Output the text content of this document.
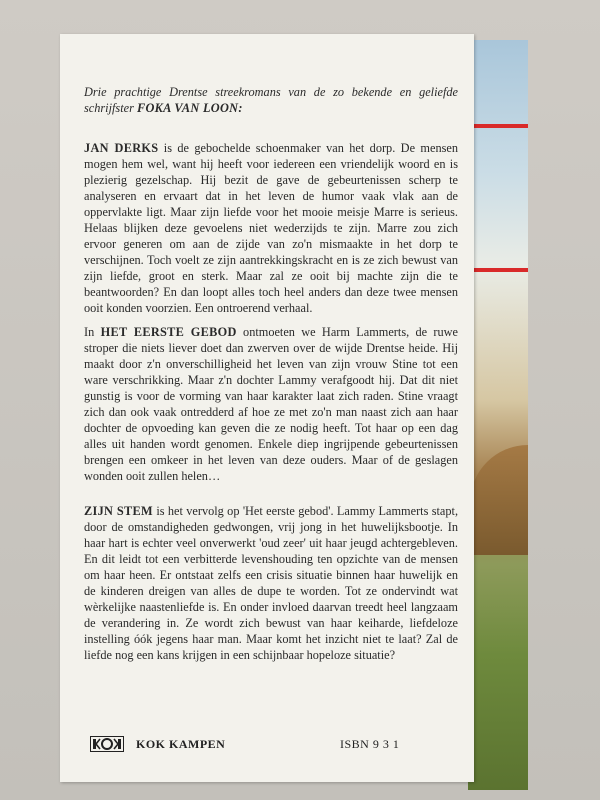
Drie prachtige Drentse streekromans van de zo bekende en geliefde schrijfster FOKA VAN LOON:
JAN DERKS is de gebochelde schoenmaker van het dorp. De mensen mogen hem wel, want hij heeft voor iedereen een vriendelijk woord en is plezierig gezelschap. Hij bezit de gave de gebeurtenissen scherp te analyseren en ervaart dat in het leven de humor vaak vlak aan de oppervlakte ligt. Maar zijn liefde voor het mooie meisje Marre is serieus. Helaas blijken deze gevoelens niet wederzijds te zijn. Marre zou zich ervoor generen om aan de zijde van zo'n mismaakte in het dorp te verschijnen. Toch voelt ze zijn aantrekkingskracht en is ze zich bewust van zijn liefde, groot en sterk. Maar zal ze ooit bij machte zijn die te beantwoorden? En dan loopt alles toch heel anders dan deze twee mensen ooit konden voorzien. Een ontroerend verhaal.
In HET EERSTE GEBOD ontmoeten we Harm Lammerts, de ruwe stroper die niets liever doet dan zwerven over de wijde Drentse heide. Hij maakt door z'n onverschilligheid het leven van zijn vrouw Stine tot een ware verschrikking. Maar z'n dochter Lammy verafgoodt hij. Dat dit niet gunstig is voor de vorming van haar karakter laat zich raden. Stine vraagt zich dan ook vaak ontredderd af hoe ze met zo'n man naast zich aan haar dochter de opvoeding kan geven die ze nodig heeft. Tot haar op een dag alles uit handen wordt genomen. Enkele diep ingrijpende gebeurtenissen brengen een omkeer in het leven van deze ouders. Maar of de geslagen wonden ooit zullen helen…
ZIJN STEM is het vervolg op 'Het eerste gebod'. Lammy Lammerts stapt, door de omstandigheden gedwongen, vrij jong in het huwelijksbootje. In haar hart is echter veel onverwerkt 'oud zeer' uit haar jeugd achtergebleven. En dit leidt tot een verbitterde levenshouding ten opzichte van de mensen om haar heen. Er ontstaat zelfs een crisis situatie binnen haar huwelijk en de kinderen dreigen van alles de dupe te worden. Tot ze ondervindt wat wèrkelijke naastenliefde is. En onder invloed daarvan treedt heel langzaam de verandering in. Ze wordt zich bewust van haar keiharde, liefdeloze instelling óók jegens haar man. Maar komt het inzicht niet te laat? Zal de liefde nog een kans krijgen in een schijnbaar hopeloze situatie?
KOK KAMPEN	ISBN 9 3 1
